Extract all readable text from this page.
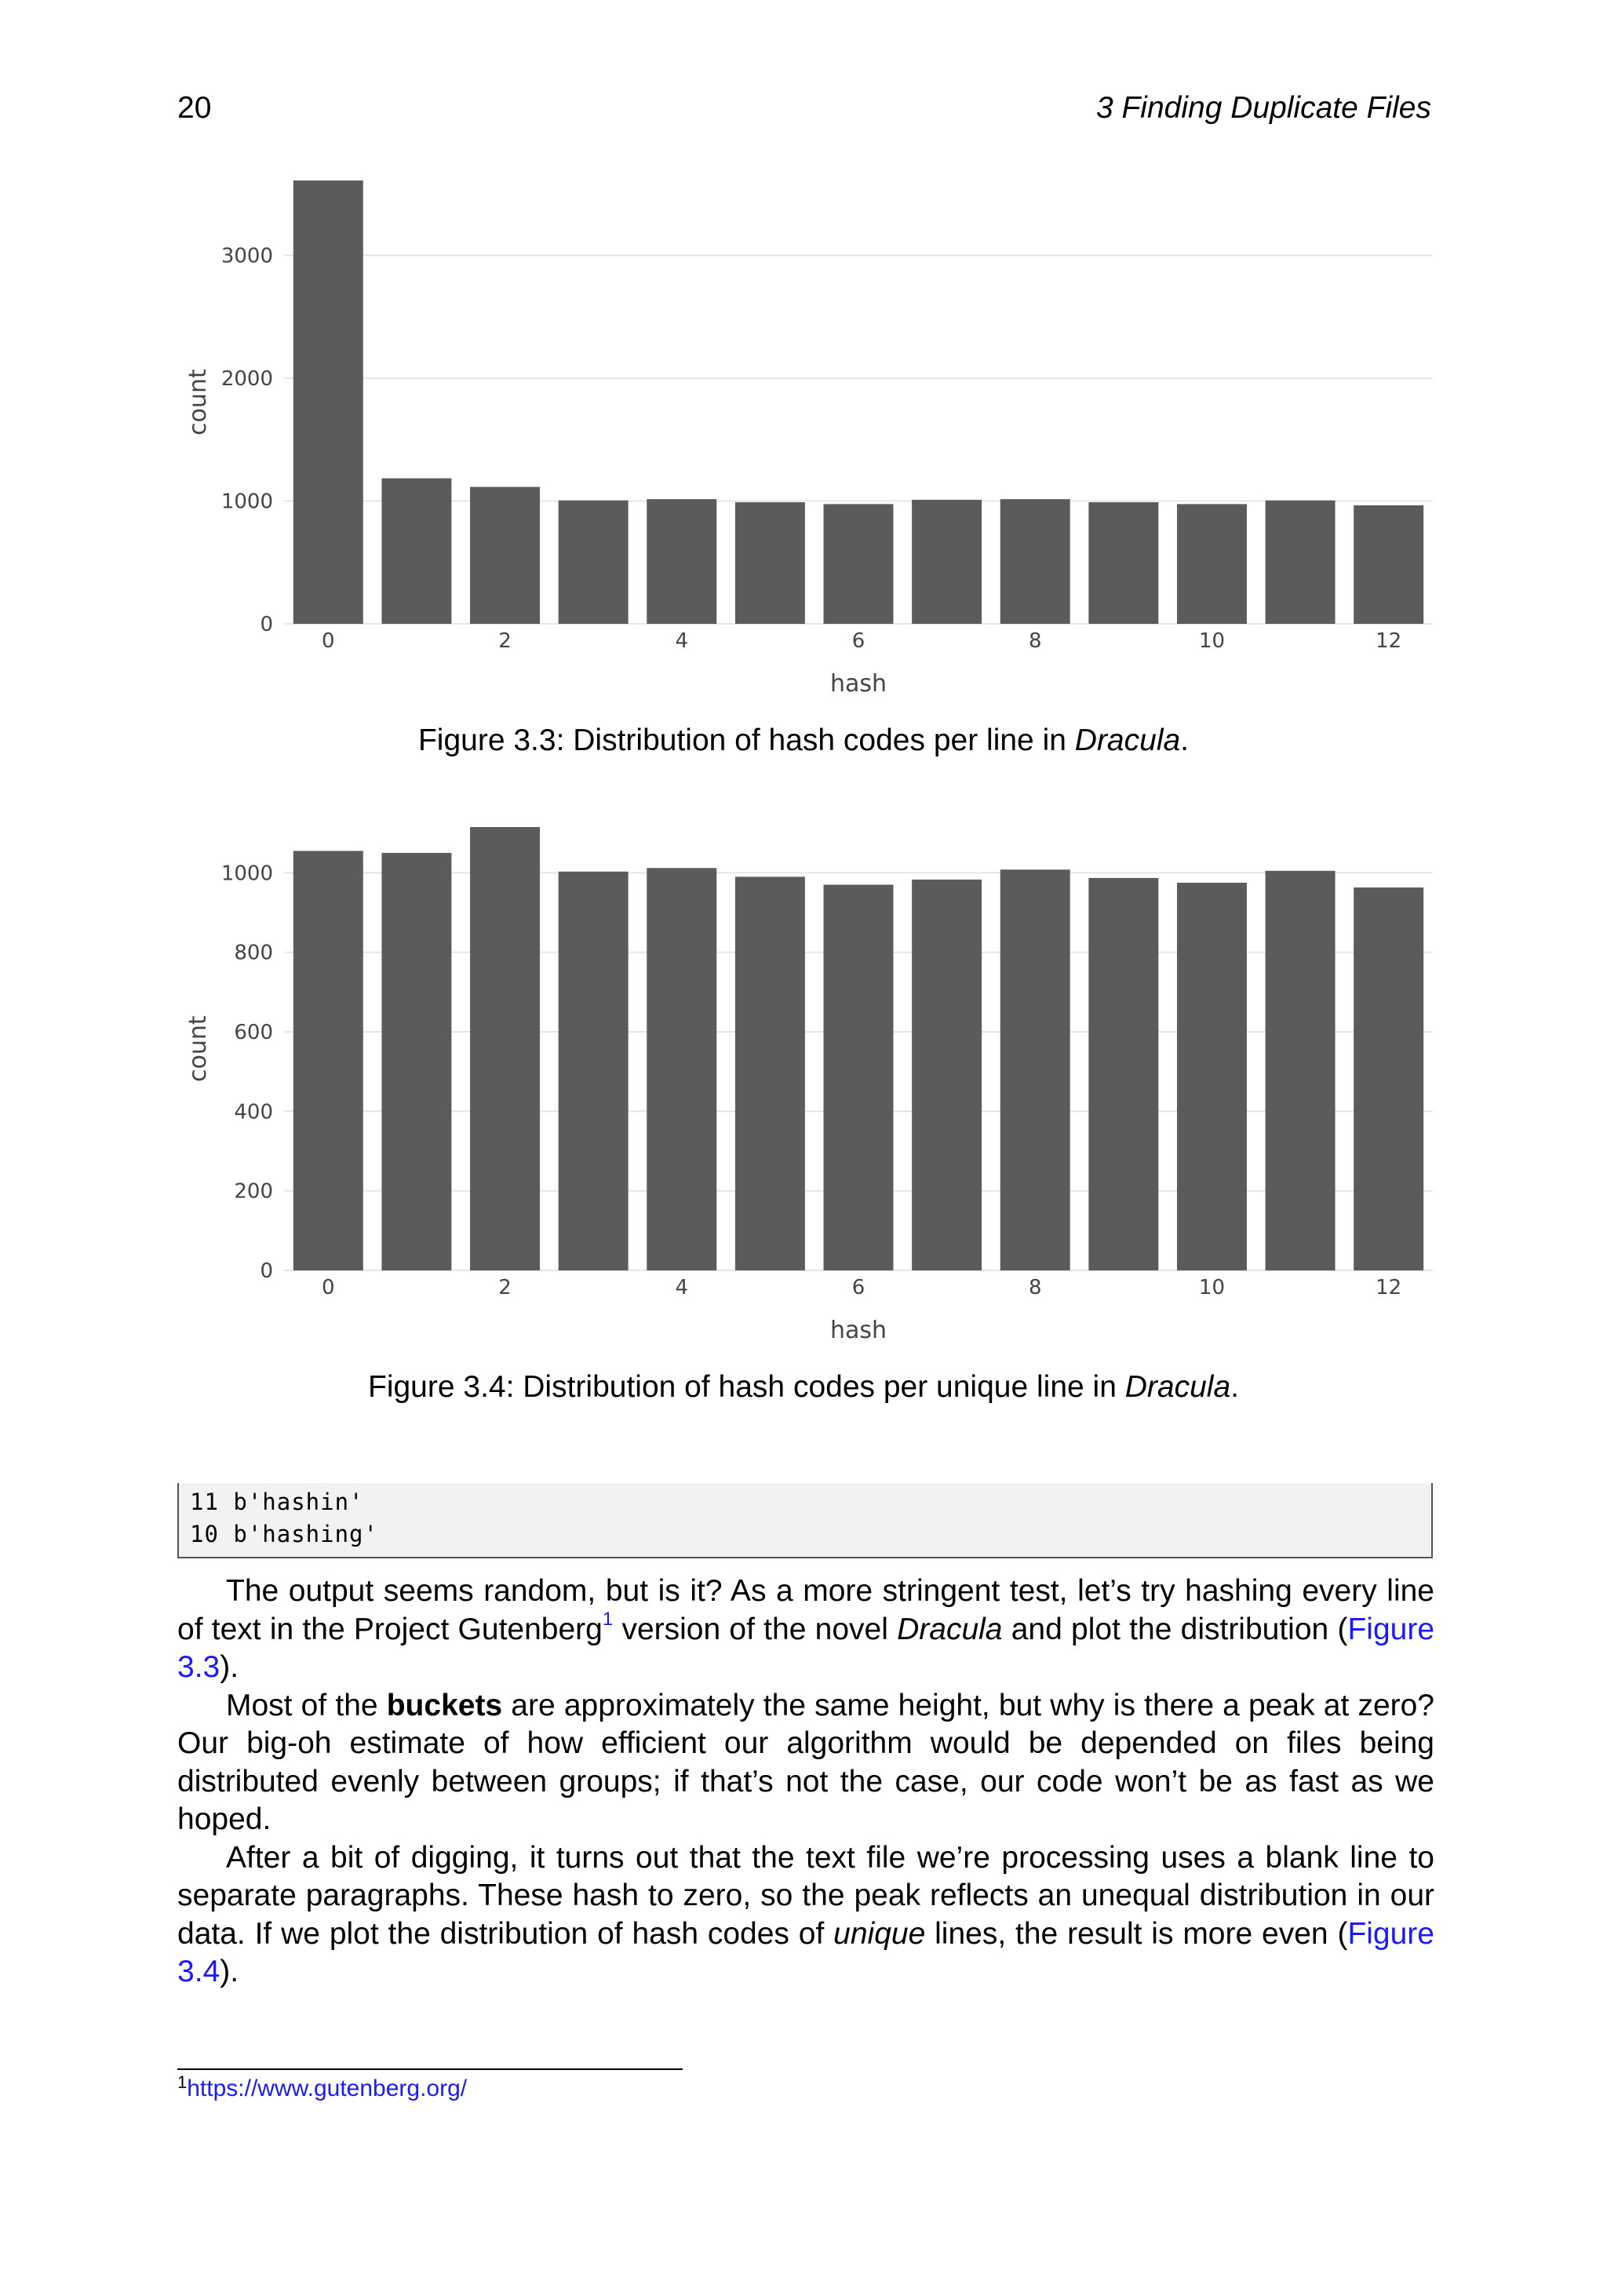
20	3 Finding Duplicate Files
0
1000
2000
3000
0	2	4	6	8	10	12
hash
count
Figure 3.3: Distribution of hash codes per line in Dracula.
0
200
400
600
800
1000
0	2	4	6	8	10	12
hash
count
Figure 3.4: Distribution of hash codes per unique line in Dracula.
11 b'hashin'
10 b'hashing'

The output seems random, but is it? As a more stringent test, let’s try hashing every line of text in the Project Gutenberg$^1$ version of the novel Dracula and plot the distribution (Figure 3.3).

Most of the buckets are approximately the same height, but why is there a peak at zero? Our big-oh estimate of how efficient our algorithm would be depended on files being distributed evenly between groups; if that’s not the case, our code won’t be as fast as we hoped.

After a bit of digging, it turns out that the text file we’re processing uses a blank line to separate paragraphs. These hash to zero, so the peak reflects an unequal distribution in our data. If we plot the distribution of hash codes of unique lines, the result is more even (Figure 3.4).

$^1$https://www.gutenberg.org/
